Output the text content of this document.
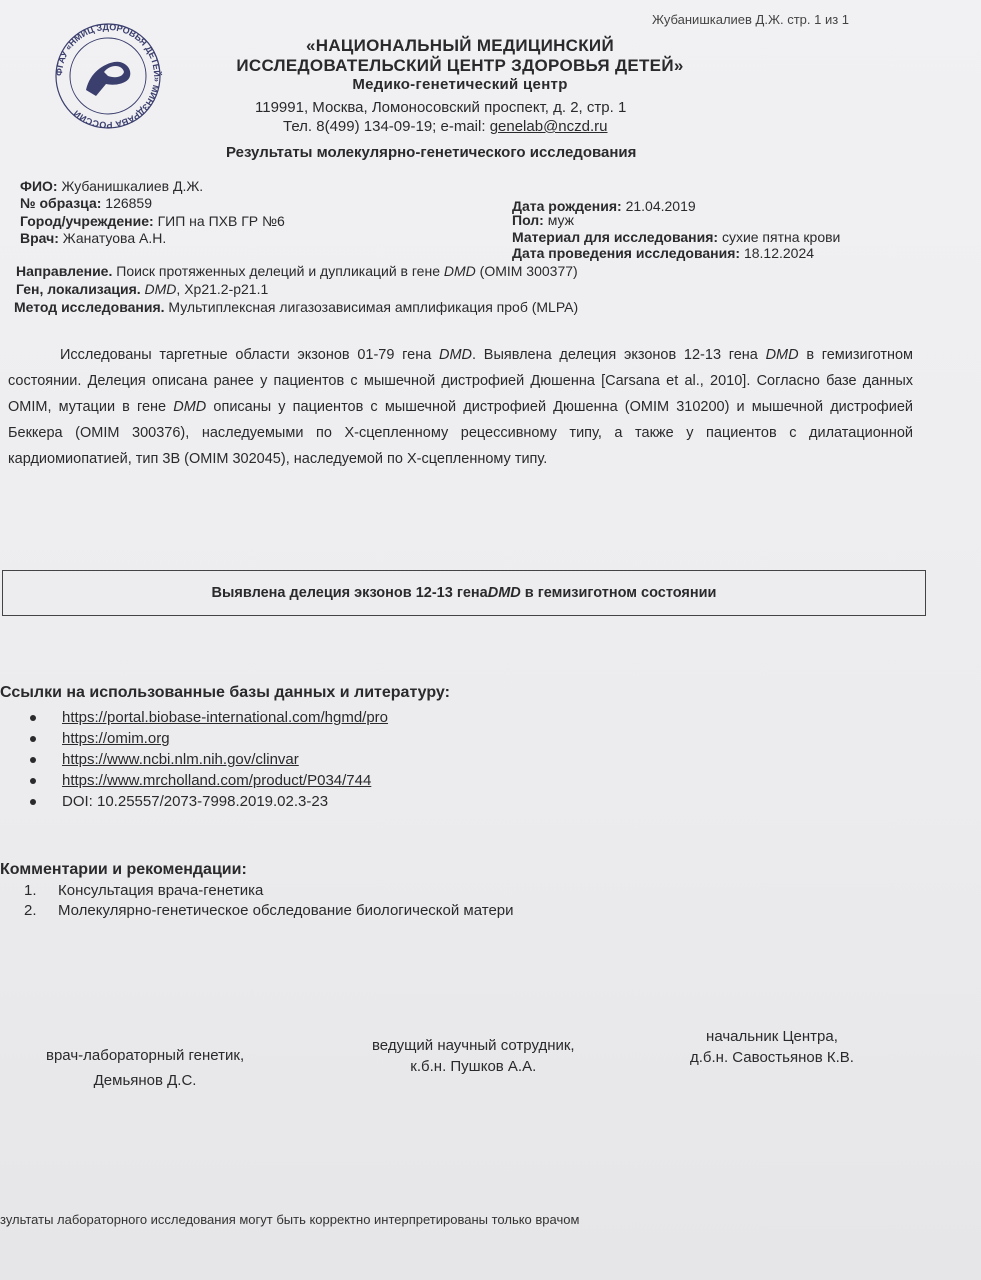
Жубанишкалиев Д.Ж. стр. 1 из 1
ФГАУ «НМИЦ ЗДОРОВЬЯ ДЕТЕЙ» МИНЗДРАВА РОССИИ
«НАЦИОНАЛЬНЫЙ МЕДИЦИНСКИЙ
ИССЛЕДОВАТЕЛЬСКИЙ ЦЕНТР ЗДОРОВЬЯ ДЕТЕЙ»
Медико-генетический центр
119991, Москва, Ломоносовский проспект, д. 2, стр. 1
Тел. 8(499) 134-09-19; e-mail: genelab@nczd.ru
Результаты молекулярно-генетического исследования
ФИО: Жубанишкалиев Д.Ж.
№ образца: 126859
Город/учреждение: ГИП на ПХВ ГР №6
Врач: Жанатуова А.Н.
Дата рождения: 21.04.2019
Пол: муж
Материал для исследования: сухие пятна крови
Дата проведения исследования: 18.12.2024
Направление. Поиск протяженных делеций и дупликаций в гене DMD (OMIM 300377)
Ген, локализация. DMD, Xp21.2-p21.1
Метод исследования. Мультиплексная лигазозависимая амплификация проб (MLPA)

Исследованы таргетные области экзонов 01-79 гена DMD. Выявлена делеция экзонов 12-13 гена DMD в гемизиготном состоянии. Делеция описана ранее у пациентов с мышечной дистрофией Дюшенна [Carsana et al., 2010]. Согласно базе данных OMIM, мутации в гене DMD описаны у пациентов с мышечной дистрофией Дюшенна (OMIM 310200) и мышечной дистрофией Беккера (OMIM 300376), наследуемыми по Х-сцепленному рецессивному типу, а также у пациентов с дилатационной кардиомиопатией, тип 3В (OMIM 302045), наследуемой по Х-сцепленному типу.

Выявлена делеция экзонов 12-13 гена DMD в гемизиготном состоянии
Ссылки на использованные базы данных и литературу:
https://portal.biobase-international.com/hgmd/pro
https://omim.org
https://www.ncbi.nlm.nih.gov/clinvar
https://www.mrcholland.com/product/P034/744
DOI: 10.25557/2073-7998.2019.02.3-23
Комментарии и рекомендации:
1. Консультация врача-генетика
2. Молекулярно-генетическое обследование биологической матери
врач-лабораторный генетик,
Демьянов Д.С.
ведущий научный сотрудник,
к.б.н. Пушков А.А.
начальник Центра,
д.б.н. Савостьянов К.В.
зультаты лабораторного исследования могут быть корректно интерпретированы только врачом
